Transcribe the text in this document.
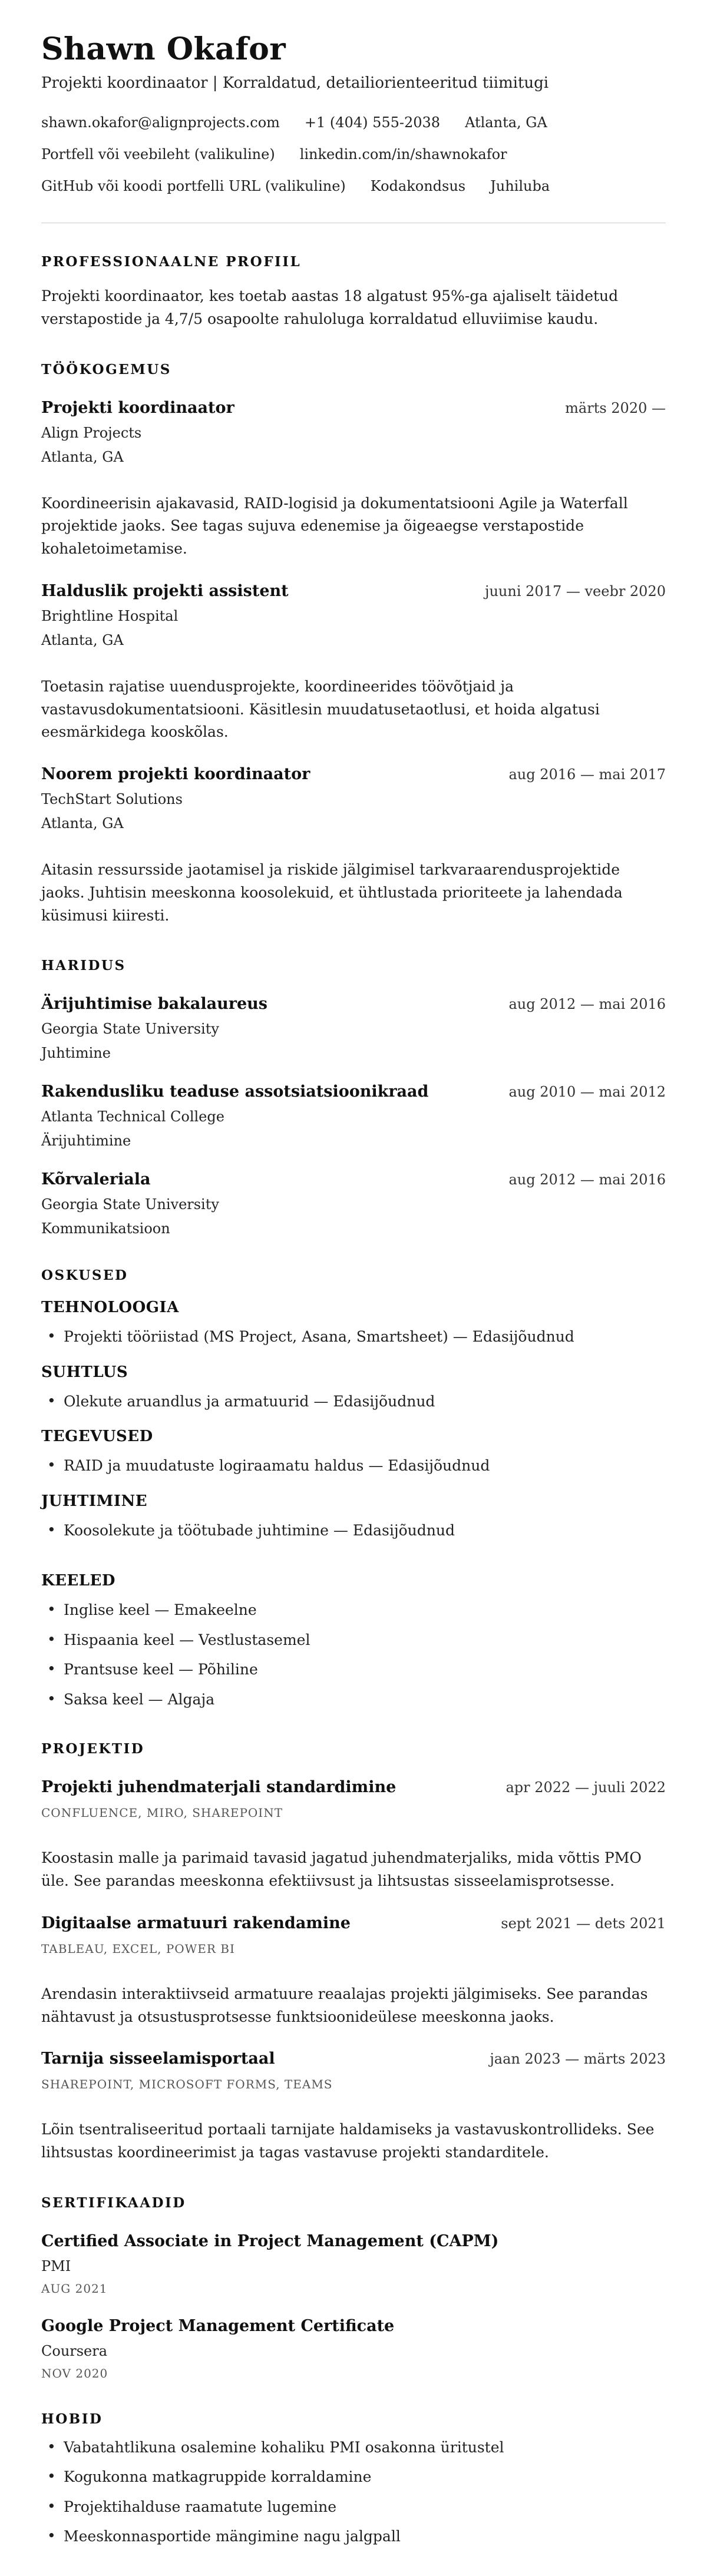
Shawn Okafor
Projekti koordinaator | Korraldatud, detailiorienteeritud tiimitugi
shawn.okafor@alignprojects.com +1 (404) 555-2038 Atlanta, GA
Portfell või veebileht (valikuline) linkedin.com/in/shawnokafor
GitHub või koodi portfelli URL (valikuline) Kodakondsus Juhiluba
PROFESSIONAALNE PROFIIL

Projekti koordinaator, kes toetab aastas 18 algatust 95%-ga ajaliselt täidetud verstapostide ja 4,7/5 osapoolte rahuloluga korraldatud elluviimise kaudu.

TÖÖKOGEMUS
Projekti koordinaator	märts 2020 —
Align Projects
Atlanta, GA

Koordineerisin ajakavasid, RAID-logisid ja dokumentatsiooni Agile ja Waterfall projektide jaoks. See tagas sujuva edenemise ja õigeaegse verstapostide kohaletoimetamise.

Halduslik projekti assistent	juuni 2017 — veebr 2020
Brightline Hospital
Atlanta, GA

Toetasin rajatise uuendusprojekte, koordineerides töövõtjaid ja vastavusdokumentatsiooni. Käsitlesin muudatusetaotlusi, et hoida algatusi eesmärkidega kooskõlas.

Noorem projekti koordinaator	aug 2016 — mai 2017
TechStart Solutions
Atlanta, GA

Aitasin ressursside jaotamisel ja riskide jälgimisel tarkvaraarendusprojektide jaoks. Juhtisin meeskonna koosolekuid, et ühtlustada prioriteete ja lahendada küsimusi kiiresti.

HARIDUS
Ärijuhtimise bakalaureus	aug 2012 — mai 2016
Georgia State University
Juhtimine
Rakendusliku teaduse assotsiatsioonikraad	aug 2010 — mai 2012
Atlanta Technical College
Ärijuhtimine
Kõrvaleriala	aug 2012 — mai 2016
Georgia State University
Kommunikatsioon
OSKUSED
TEHNOLOOGIA
• Projekti tööriistad (MS Project, Asana, Smartsheet) — Edasijõudnud
SUHTLUS
• Olekute aruandlus ja armatuurid — Edasijõudnud
TEGEVUSED
• RAID ja muudatuste logiraamatu haldus — Edasijõudnud
JUHTIMINE
• Koosolekute ja töötubade juhtimine — Edasijõudnud
KEELED
• Inglise keel — Emakeelne
• Hispaania keel — Vestlustasemel
• Prantsuse keel — Põhiline
• Saksa keel — Algaja
PROJEKTID
Projekti juhendmaterjali standardimine	apr 2022 — juuli 2022
CONFLUENCE, MIRO, SHAREPOINT

Koostasin malle ja parimaid tavasid jagatud juhendmaterjaliks, mida võttis PMO üle. See parandas meeskonna efektiivsust ja lihtsustas sisseelamisprotsesse.

Digitaalse armatuuri rakendamine	sept 2021 — dets 2021
TABLEAU, EXCEL, POWER BI

Arendasin interaktiivseid armatuure reaalajas projekti jälgimiseks. See parandas nähtavust ja otsustusprotsesse funktsioonideülese meeskonna jaoks.

Tarnija sisseelamisportaal	jaan 2023 — märts 2023
SHAREPOINT, MICROSOFT FORMS, TEAMS

Lõin tsentraliseeritud portaali tarnijate haldamiseks ja vastavuskontrollideks. See lihtsustas koordineerimist ja tagas vastavuse projekti standarditele.

SERTIFIKAADID
Certified Associate in Project Management (CAPM)
PMI
AUG 2021
Google Project Management Certificate
Coursera
NOV 2020
HOBID
• Vabatahtlikuna osalemine kohaliku PMI osakonna üritustel
• Kogukonna matkagruppide korraldamine
• Projektihalduse raamatute lugemine
• Meeskonnasportide mängimine nagu jalgpall
